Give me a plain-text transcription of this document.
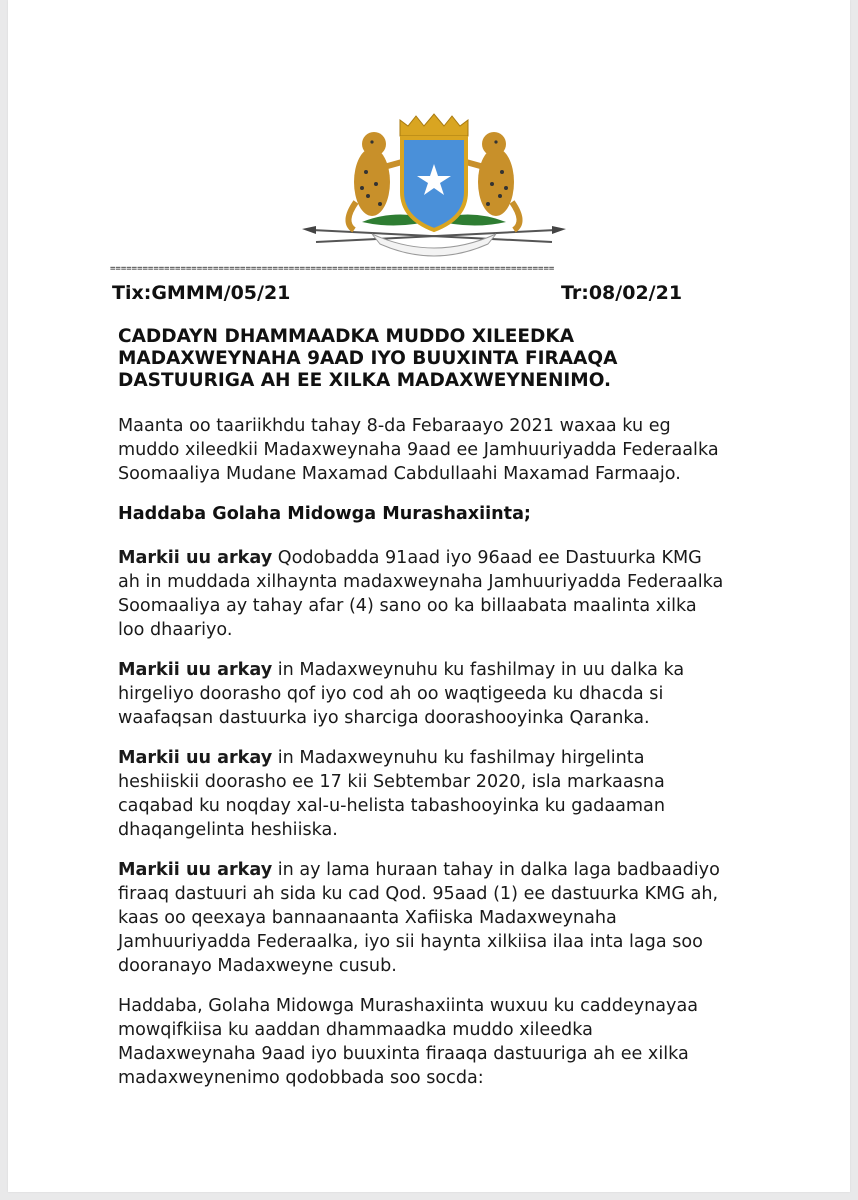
==================================================================================
Tix:GMMM/05/21	Tr:08/02/21
CADDAYN DHAMMAADKA MUDDO XILEEDKA
MADAXWEYNAHA 9AAD IYO BUUXINTA FIRAAQA
DASTUURIGA AH EE XILKA MADAXWEYNENIMO.
Maanta oo taariikhdu tahay 8-da Febaraayo 2021 waxaa ku eg
muddo xileedkii Madaxweynaha 9aad ee Jamhuuriyadda Federaalka
Soomaaliya Mudane Maxamad Cabdullaahi Maxamad Farmaajo.
Haddaba Golaha Midowga Murashaxiinta;
Markii uu arkay Qodobadda 91aad iyo 96aad ee Dastuurka KMG
ah in muddada xilhaynta madaxweynaha Jamhuuriyadda Federaalka
Soomaaliya ay tahay afar (4) sano oo ka billaabata maalinta xilka
loo dhaariyo.
Markii uu arkay in Madaxweynuhu ku fashilmay in uu dalka ka
hirgeliyo doorasho qof iyo cod ah oo waqtigeeda ku dhacda si
waafaqsan dastuurka iyo sharciga doorashooyinka Qaranka.
Markii uu arkay in Madaxweynuhu ku fashilmay hirgelinta
heshiiskii doorasho ee 17 kii Sebtembar 2020, isla markaasna
caqabad ku noqday xal-u-helista tabashooyinka ku gadaaman
dhaqangelinta heshiiska.
Markii uu arkay in ay lama huraan tahay in dalka laga badbaadiyo
firaaq dastuuri ah sida ku cad Qod. 95aad (1) ee dastuurka KMG ah,
kaas oo qeexaya bannaanaanta Xafiiska Madaxweynaha
Jamhuuriyadda Federaalka, iyo sii haynta xilkiisa ilaa inta laga soo
dooranayo Madaxweyne cusub.
Haddaba, Golaha Midowga Murashaxiinta wuxuu ku caddeynayaa
mowqifkiisa ku aaddan dhammaadka muddo xileedka
Madaxweynaha 9aad iyo buuxinta firaaqa dastuuriga ah ee xilka
madaxweynenimo qodobbada soo socda:
